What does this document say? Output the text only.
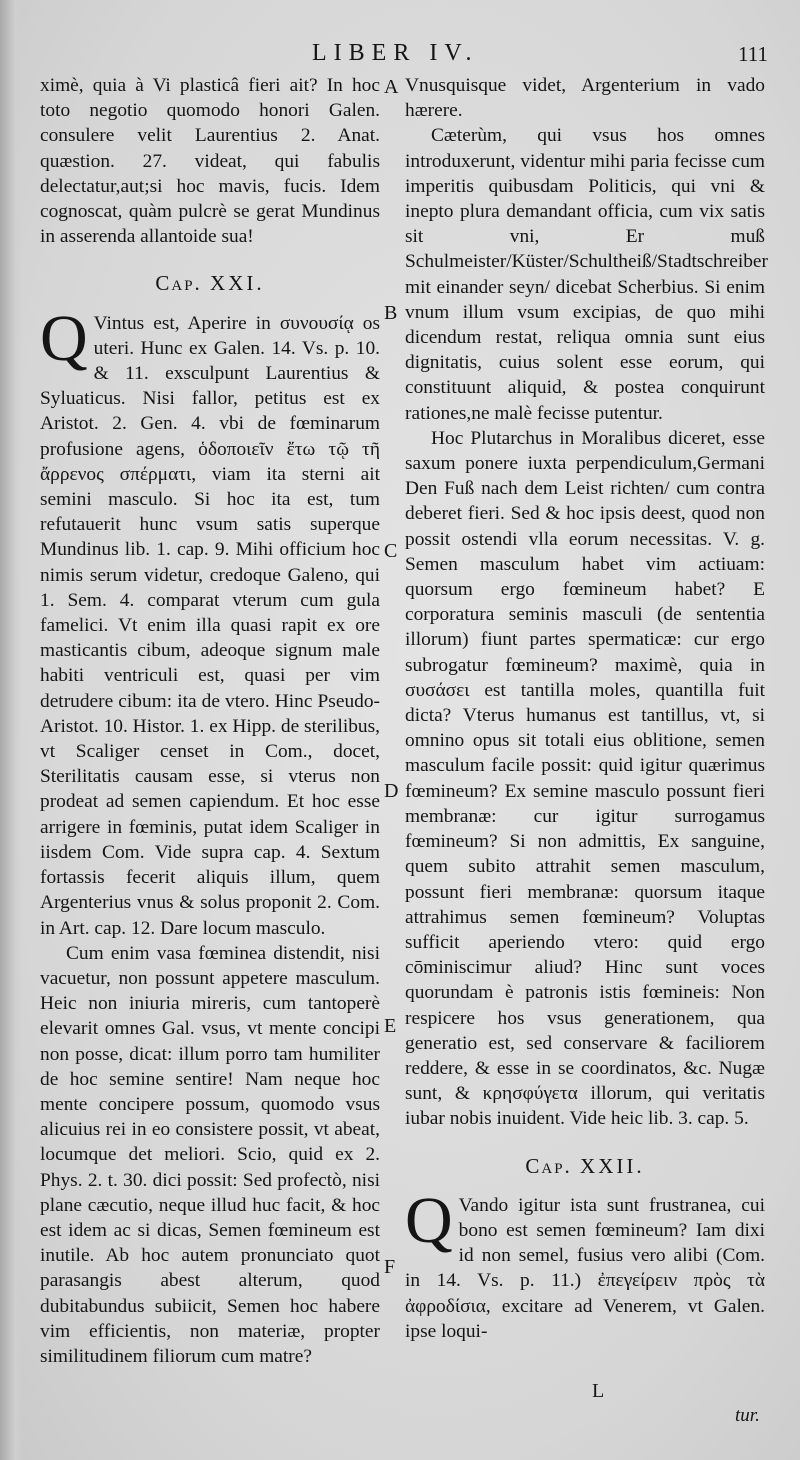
LIBER IV.	111

ximè, quia à Vi plasticâ fieri ait? In hoc toto negotio quomodo honori Galen. consulere velit Laurentius 2. Anat. quæstion. 27. videat, qui fabulis delectatur,aut;si hoc mavis, fucis. Idem cognoscat, quàm pulcrè se gerat Mundinus in asserenda allantoide sua!

Cap. XXI.

Q Vintus est, Aperire in συνουσίᾳ os uteri. Hunc ex Galen. 14. Vs. p. 10. & 11. exsculpunt Laurentius & Syluaticus. Nisi fallor, petitus est ex Aristot. 2. Gen. 4. vbi de fœminarum profusione agens, ὁδοποιεῖν ἔτω τῷ τῆ ἄρρενος σπέρματι, viam ita sterni ait semini masculo. Si hoc ita est, tum refutauerit hunc vsum satis superque Mundinus lib. 1. cap. 9. Mihi officium hoc nimis serum videtur, credoque Galeno, qui 1. Sem. 4. comparat vterum cum gula famelici. Vt enim illa quasi rapit ex ore masticantis cibum, adeoque signum male habiti ventriculi est, quasi per vim detrudere cibum: ita de vtero. Hinc Pseudo-Aristot. 10. Histor. 1. ex Hipp. de sterilibus, vt Scaliger censet in Com., docet, Sterilitatis causam esse, si vterus non prodeat ad semen capiendum. Et hoc esse arrigere in fœminis, putat idem Scaliger in iisdem Com. Vide supra cap. 4. Sextum fortassis fecerit aliquis illum, quem Argenterius vnus & solus proponit 2. Com. in Art. cap. 12. Dare locum masculo.

Cum enim vasa fœminea distendit, nisi vacuetur, non possunt appetere masculum. Heic non iniuria mireris, cum tantoperè elevarit omnes Gal. vsus, vt mente concipi non posse, dicat: illum porro tam humiliter de hoc semine sentire! Nam neque hoc mente concipere possum, quomodo vsus alicuius rei in eo consistere possit, vt abeat, locumque det meliori. Scio, quid ex 2. Phys. 2. t. 30. dici possit: Sed profectò, nisi plane cæcutio, neque illud huc facit, & hoc est idem ac si dicas, Semen fœmineum est inutile. Ab hoc autem pronunciato quot parasangis abest alterum, quod dubitabundus subiicit, Semen hoc habere vim efficientis, non materiæ, propter similitudinem filiorum cum matre?

A
B
C
D
E
F

Vnusquisque videt, Argenterium in vado hærere.

Cæterùm, qui vsus hos omnes introduxerunt, videntur mihi paria fecisse cum imperitis quibusdam Politicis, qui vni & inepto plura demandant officia, cum vix satis sit vni, Er muß Schulmeister/Küster/Schultheiß/Stadtschreiber mit einander seyn/ dicebat Scherbius. Si enim vnum illum vsum excipias, de quo mihi dicendum restat, reliqua omnia sunt eius dignitatis, cuius solent esse eorum, qui constituunt aliquid, & postea conquirunt rationes,ne malè fecisse putentur.

Hoc Plutarchus in Moralibus diceret, esse saxum ponere iuxta perpendiculum,Germani Den Fuß nach dem Leist richten/ cum contra deberet fieri. Sed & hoc ipsis deest, quod non possit ostendi vlla eorum necessitas. V. g. Semen masculum habet vim actiuam: quorsum ergo fœmineum habet? E corporatura seminis masculi (de sententia illorum) fiunt partes spermaticæ: cur ergo subrogatur fœmineum? maximè, quia in συσάσει est tantilla moles, quantilla fuit dicta? Vterus humanus est tantillus, vt, si omnino opus sit totali eius oblitione, semen masculum facile possit: quid igitur quærimus fœmineum? Ex semine masculo possunt fieri membranæ: cur igitur surrogamus fœmineum? Si non admittis, Ex sanguine, quem subito attrahit semen masculum, possunt fieri membranæ: quorsum itaque attrahimus semen fœmineum? Voluptas sufficit aperiendo vtero: quid ergo cōminiscimur aliud? Hinc sunt voces quorundam è patronis istis fœmineis: Non respicere hos vsus generationem, qua generatio est, sed conservare & faciliorem reddere, & esse in se coordinatos, &c. Nugæ sunt, & κρησφύγετα illorum, qui veritatis iubar nobis inuident. Vide heic lib. 3. cap. 5.

Cap. XXII.

Q Vando igitur ista sunt frustranea, cui bono est semen fœmineum? Iam dixi id non semel, fusius vero alibi (Com. in 14. Vs. p. 11.) ἐπεγείρειν πρὸς τὰ ἀφροδίσια, excitare ad Venerem, vt Galen. ipse loqui-

L
tur.
